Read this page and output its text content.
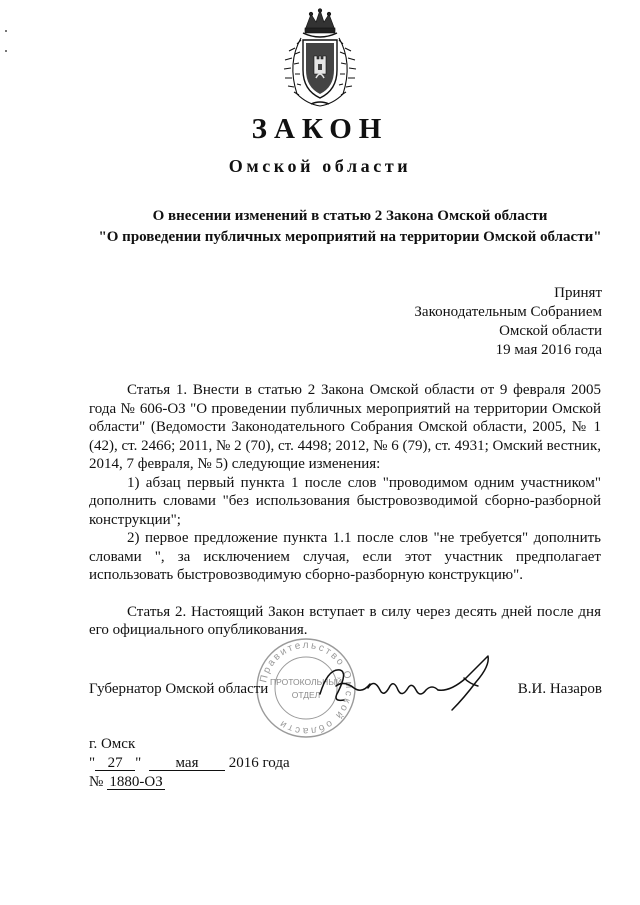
ЗАКОН
Омской области
О внесении изменений в статью 2 Закона Омской области
"О проведении публичных мероприятий на территории Омской области"
Принят
Законодательным Собранием
Омской области
19 мая 2016 года

Статья 1. Внести в статью 2 Закона Омской области от 9 февраля 2005 года № 606-ОЗ "О проведении публичных мероприятий на территории Омской области" (Ведомости Законодательного Собрания Омской области, 2005, № 1 (42), ст. 2466; 2011, № 2 (70), ст. 4498; 2012, № 6 (79), ст. 4931; Омский вестник, 2014, 7 февраля, № 5) следующие изменения:

1) абзац первый пункта 1 после слов "проводимом одним участником" дополнить словами "без использования быстровозводимой сборно-разборной конструкции";

2) первое предложение пункта 1.1 после слов "не требуется" дополнить словами ", за исключением случая, если этот участник предполагает использовать быстровозводимую сборно-разборную конструкцию".

Статья 2. Настоящий Закон вступает в силу через десять дней после дня его официального опубликования.

Правительство Омской области
ПРОТОКОЛЬНЫЙ
ОТДЕЛ
Губернатор Омской области	В.И. Назаров
г. Омск
" 27 " мая 2016 года
№ 1880-ОЗ
